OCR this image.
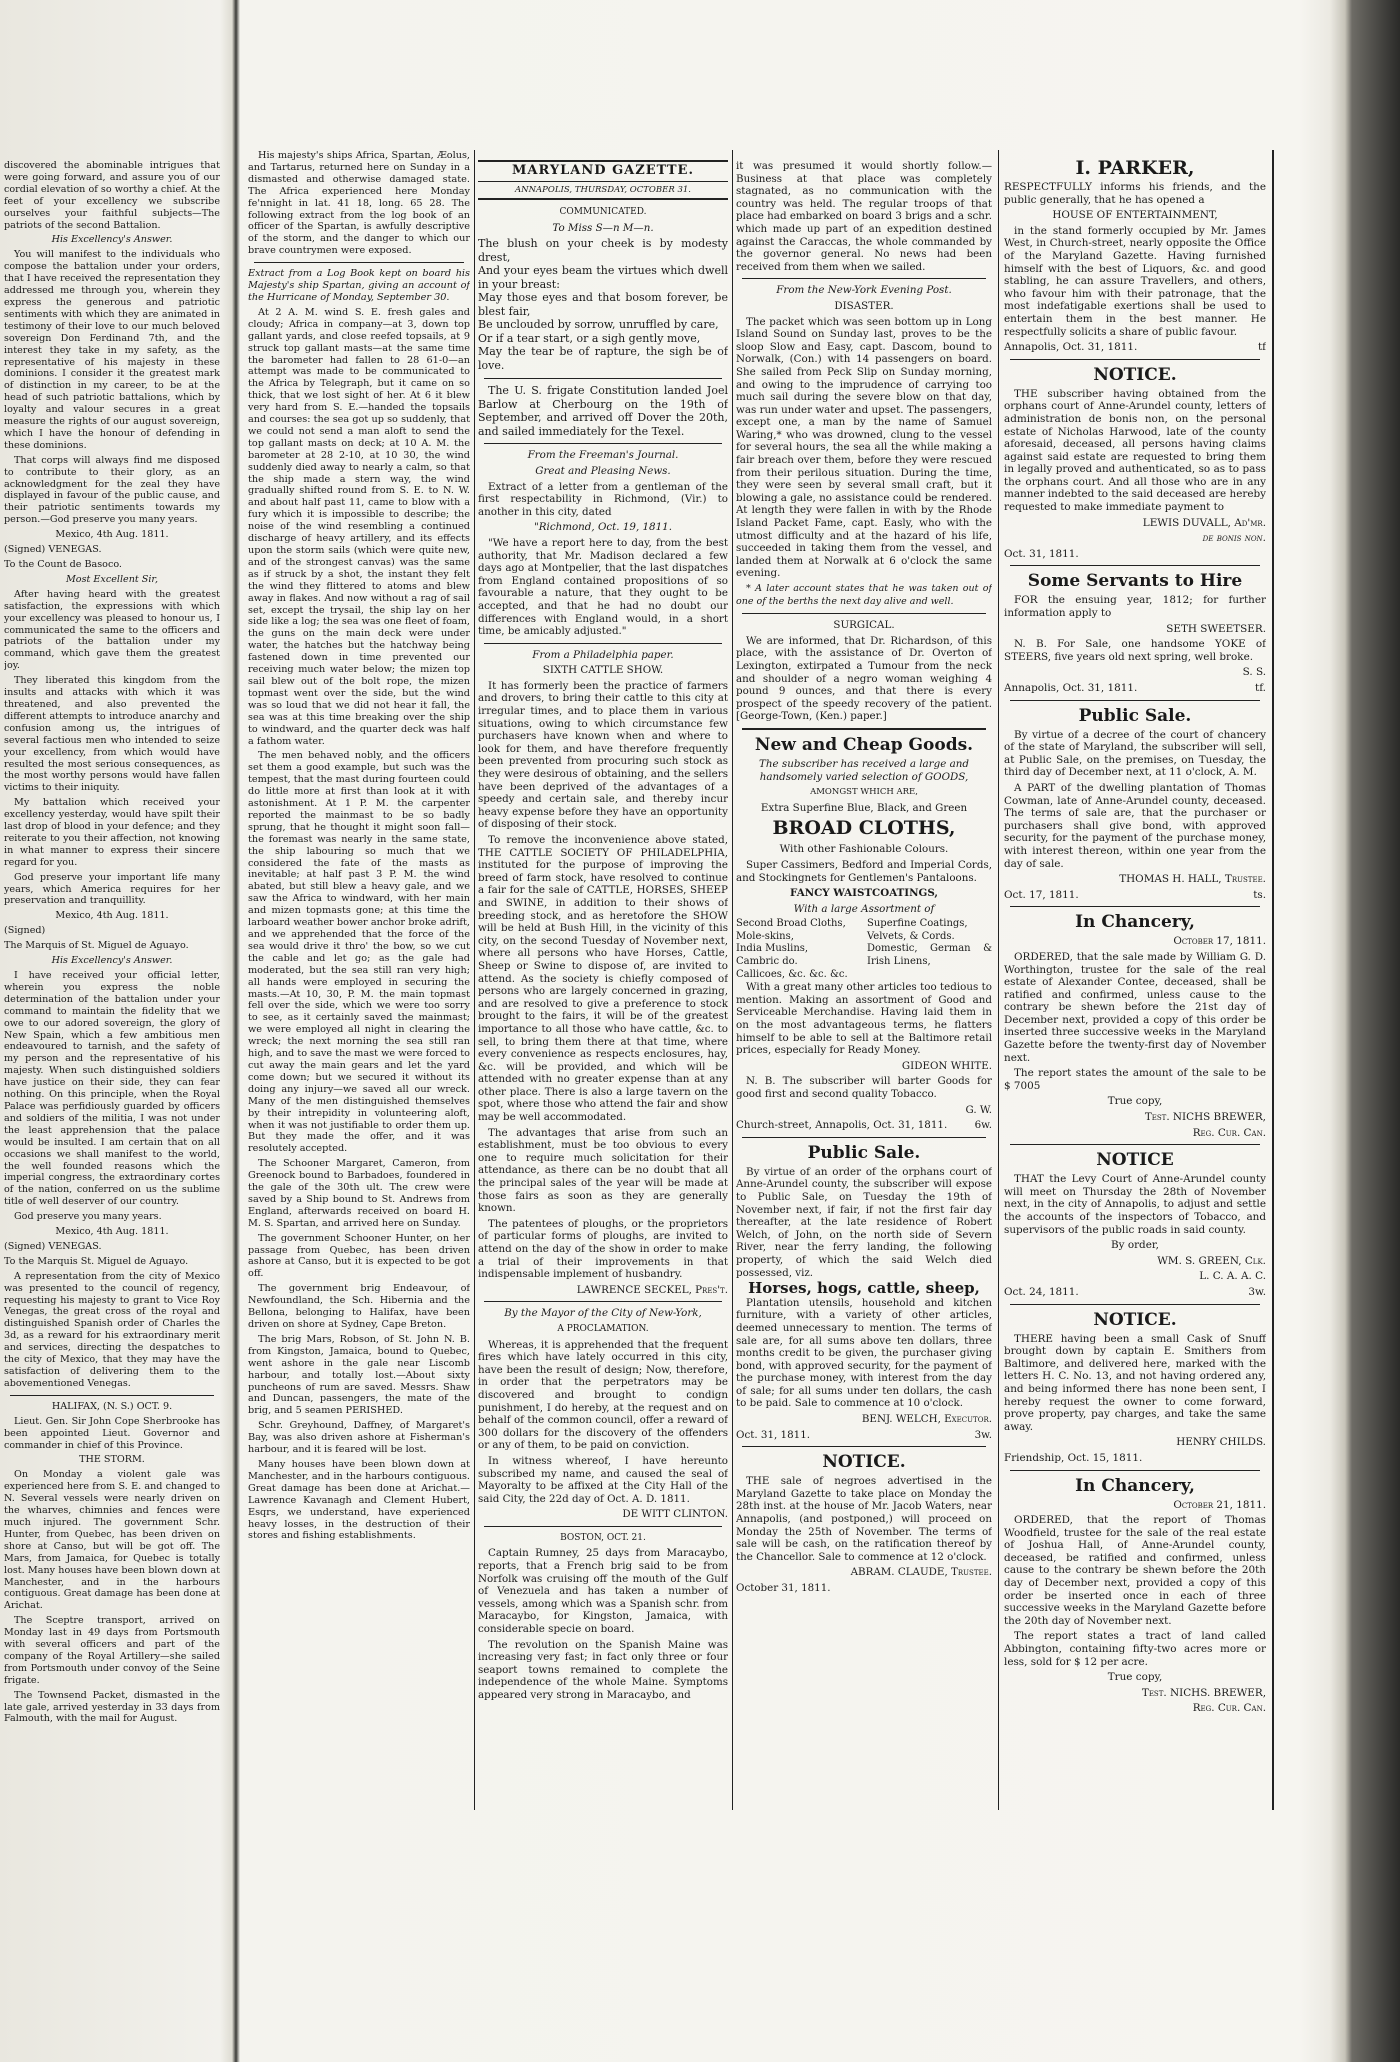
discovered the abominable intrigues that were going forward, and assure you of our cordial elevation of so worthy a chief. At the feet of your excellency we subscribe ourselves your faithful subjects—The patriots of the second Battalion.

His Excellency's Answer.

You will manifest to the individuals who compose the battalion under your orders, that I have received the representation they addressed me through you, wherein they express the generous and patriotic sentiments with which they are animated in testimony of their love to our much beloved sovereign Don Ferdinand 7th, and the interest they take in my safety, as the representative of his majesty in these dominions. I consider it the greatest mark of distinction in my career, to be at the head of such patriotic battalions, which by loyalty and valour secures in a great measure the rights of our august sovereign, which I have the honour of defending in these dominions.

That corps will always find me disposed to contribute to their glory, as an acknowledgment for the zeal they have displayed in favour of the public cause, and their patriotic sentiments towards my person.—God preserve you many years.

Mexico, 4th Aug. 1811.

(Signed) VENEGAS.

To the Count de Basoco.

Most Excellent Sir,

After having heard with the greatest satisfaction, the expressions with which your excellency was pleased to honour us, I communicated the same to the officers and patriots of the battalion under my command, which gave them the greatest joy.

They liberated this kingdom from the insults and attacks with which it was threatened, and also prevented the different attempts to introduce anarchy and confusion among us, the intrigues of several factious men who intended to seize your excellency, from which would have resulted the most serious consequences, as the most worthy persons would have fallen victims to their iniquity.

My battalion which received your excellency yesterday, would have spilt their last drop of blood in your defence; and they reiterate to you their affection, not knowing in what manner to express their sincere regard for you.

God preserve your important life many years, which America requires for her preservation and tranquillity.

Mexico, 4th Aug. 1811.

(Signed)

The Marquis of St. Miguel de Aguayo.

His Excellency's Answer.

I have received your official letter, wherein you express the noble determination of the battalion under your command to maintain the fidelity that we owe to our adored sovereign, the glory of New Spain, which a few ambitious men endeavoured to tarnish, and the safety of my person and the representative of his majesty. When such distinguished soldiers have justice on their side, they can fear nothing. On this principle, when the Royal Palace was perfidiously guarded by officers and soldiers of the militia, I was not under the least apprehension that the palace would be insulted. I am certain that on all occasions we shall manifest to the world, the well founded reasons which the imperial congress, the extraordinary cortes of the nation, conferred on us the sublime title of well deserver of our country.

God preserve you many years.

Mexico, 4th Aug. 1811.

(Signed) VENEGAS.

To the Marquis St. Miguel de Aguayo.

A representation from the city of Mexico was presented to the council of regency, requesting his majesty to grant to Vice Roy Venegas, the great cross of the royal and distinguished Spanish order of Charles the 3d, as a reward for his extraordinary merit and services, directing the despatches to the city of Mexico, that they may have the satisfaction of delivering them to the abovementioned Venegas.

HALIFAX, (N. S.) OCT. 9.

Lieut. Gen. Sir John Cope Sherbrooke has been appointed Lieut. Governor and commander in chief of this Province.

THE STORM.

On Monday a violent gale was experienced here from S. E. and changed to N. Several vessels were nearly driven on the wharves, chimnies and fences were much injured. The government Schr. Hunter, from Quebec, has been driven on shore at Canso, but will be got off. The Mars, from Jamaica, for Quebec is totally lost. Many houses have been blown down at Manchester, and in the harbours contiguous. Great damage has been done at Arichat.

The Sceptre transport, arrived on Monday last in 49 days from Portsmouth with several officers and part of the company of the Royal Artillery—she sailed from Portsmouth under convoy of the Seine frigate.

The Townsend Packet, dismasted in the late gale, arrived yesterday in 33 days from Falmouth, with the mail for August.

His majesty's ships Africa, Spartan, Æolus, and Tartarus, returned here on Sunday in a dismasted and otherwise damaged state. The Africa experienced here Monday fe'nnight in lat. 41 18, long. 65 28. The following extract from the log book of an officer of the Spartan, is awfully descriptive of the storm, and the danger to which our brave countrymen were exposed.

Extract from a Log Book kept on board his Majesty's ship Spartan, giving an account of the Hurricane of Monday, September 30.

At 2 A. M. wind S. E. fresh gales and cloudy; Africa in company—at 3, down top gallant yards, and close reefed topsails, at 9 struck top gallant masts—at the same time the barometer had fallen to 28 61-0—an attempt was made to be communicated to the Africa by Telegraph, but it came on so thick, that we lost sight of her. At 6 it blew very hard from S. E.—handed the topsails and courses: the sea got up so suddenly, that we could not send a man aloft to send the top gallant masts on deck; at 10 A. M. the barometer at 28 2-10, at 10 30, the wind suddenly died away to nearly a calm, so that the ship made a stern way, the wind gradually shifted round from S. E. to N. W. and about half past 11, came to blow with a fury which it is impossible to describe; the noise of the wind resembling a continued discharge of heavy artillery, and its effects upon the storm sails (which were quite new, and of the strongest canvas) was the same as if struck by a shot, the instant they felt the wind they flittered to atoms and blew away in flakes. And now without a rag of sail set, except the trysail, the ship lay on her side like a log; the sea was one fleet of foam, the guns on the main deck were under water, the hatches but the hatchway being fastened down in time prevented our receiving much water below; the mizen top sail blew out of the bolt rope, the mizen topmast went over the side, but the wind was so loud that we did not hear it fall, the sea was at this time breaking over the ship to windward, and the quarter deck was half a fathom water.

The men behaved nobly, and the officers set them a good example, but such was the tempest, that the mast during fourteen could do little more at first than look at it with astonishment. At 1 P. M. the carpenter reported the mainmast to be so badly sprung, that he thought it might soon fall—the foremast was nearly in the same state, the ship labouring so much that we considered the fate of the masts as inevitable; at half past 3 P. M. the wind abated, but still blew a heavy gale, and we saw the Africa to windward, with her main and mizen topmasts gone; at this time the larboard weather bower anchor broke adrift, and we apprehended that the force of the sea would drive it thro' the bow, so we cut the cable and let go; as the gale had moderated, but the sea still ran very high; all hands were employed in securing the masts.—At 10, 30, P. M. the main topmast fell over the side, which we were too sorry to see, as it certainly saved the mainmast; we were employed all night in clearing the wreck; the next morning the sea still ran high, and to save the mast we were forced to cut away the main gears and let the yard come down; but we secured it without its doing any injury—we saved all our wreck. Many of the men distinguished themselves by their intrepidity in volunteering aloft, when it was not justifiable to order them up. But they made the offer, and it was resolutely accepted.

The Schooner Margaret, Cameron, from Greenock bound to Barbadoes, foundered in the gale of the 30th ult. The crew were saved by a Ship bound to St. Andrews from England, afterwards received on board H. M. S. Spartan, and arrived here on Sunday.

The government Schooner Hunter, on her passage from Quebec, has been driven ashore at Canso, but it is expected to be got off.

The government brig Endeavour, of Newfoundland, the Sch. Hibernia and the Bellona, belonging to Halifax, have been driven on shore at Sydney, Cape Breton.

The brig Mars, Robson, of St. John N. B. from Kingston, Jamaica, bound to Quebec, went ashore in the gale near Liscomb harbour, and totally lost.—About sixty puncheons of rum are saved. Messrs. Shaw and Duncan, passengers, the mate of the brig, and 5 seamen PERISHED.

Schr. Greyhound, Daffney, of Margaret's Bay, was also driven ashore at Fisherman's harbour, and it is feared will be lost.

Many houses have been blown down at Manchester, and in the harbours contiguous. Great damage has been done at Arichat.—Lawrence Kavanagh and Clement Hubert, Esqrs, we understand, have experienced heavy losses, in the destruction of their stores and fishing establishments.

MARYLAND GAZETTE.
ANNAPOLIS, THURSDAY, OCTOBER 31.

COMMUNICATED.

To Miss S—n M—n.

The blush on your cheek is by modesty drest,
And your eyes beam the virtues which dwell in your breast:
May those eyes and that bosom forever, be blest fair,
Be unclouded by sorrow, unruffled by care,
Or if a tear start, or a sigh gently move,
May the tear be of rapture, the sigh be of love.

The U. S. frigate Constitution landed Joel Barlow at Cherbourg on the 19th of September, and arrived off Dover the 20th, and sailed immediately for the Texel.

From the Freeman's Journal.

Great and Pleasing News.

Extract of a letter from a gentleman of the first respectability in Richmond, (Vir.) to another in this city, dated

"Richmond, Oct. 19, 1811.

"We have a report here to day, from the best authority, that Mr. Madison declared a few days ago at Montpelier, that the last dispatches from England contained propositions of so favourable a nature, that they ought to be accepted, and that he had no doubt our differences with England would, in a short time, be amicably adjusted."

From a Philadelphia paper.

SIXTH CATTLE SHOW.

It has formerly been the practice of farmers and drovers, to bring their cattle to this city at irregular times, and to place them in various situations, owing to which circumstance few purchasers have known when and where to look for them, and have therefore frequently been prevented from procuring such stock as they were desirous of obtaining, and the sellers have been deprived of the advantages of a speedy and certain sale, and thereby incur heavy expense before they have an opportunity of disposing of their stock.

To remove the inconvenience above stated, THE CATTLE SOCIETY OF PHILADELPHIA, instituted for the purpose of improving the breed of farm stock, have resolved to continue a fair for the sale of CATTLE, HORSES, SHEEP and SWINE, in addition to their shows of breeding stock, and as heretofore the SHOW will be held at Bush Hill, in the vicinity of this city, on the second Tuesday of November next, where all persons who have Horses, Cattle, Sheep or Swine to dispose of, are invited to attend. As the society is chiefly composed of persons who are largely concerned in grazing, and are resolved to give a preference to stock brought to the fairs, it will be of the greatest importance to all those who have cattle, &c. to sell, to bring them there at that time, where every convenience as respects enclosures, hay, &c. will be provided, and which will be attended with no greater expense than at any other place. There is also a large tavern on the spot, where those who attend the fair and show may be well accommodated.

The advantages that arise from such an establishment, must be too obvious to every one to require much solicitation for their attendance, as there can be no doubt that all the principal sales of the year will be made at those fairs as soon as they are generally known.

The patentees of ploughs, or the proprietors of particular forms of ploughs, are invited to attend on the day of the show in order to make a trial of their improvements in that indispensable implement of husbandry.

LAWRENCE SECKEL, Pres't.

By the Mayor of the City of New-York,

A PROCLAMATION.

Whereas, it is apprehended that the frequent fires which have lately occurred in this city, have been the result of design; Now, therefore, in order that the perpetrators may be discovered and brought to condign punishment, I do hereby, at the request and on behalf of the common council, offer a reward of 300 dollars for the discovery of the offenders or any of them, to be paid on conviction.

In witness whereof, I have hereunto subscribed my name, and caused the seal of Mayoralty to be affixed at the City Hall of the said City, the 22d day of Oct. A. D. 1811.

DE WITT CLINTON.

BOSTON, OCT. 21.

Captain Rumney, 25 days from Maracaybo, reports, that a French brig said to be from Norfolk was cruising off the mouth of the Gulf of Venezuela and has taken a number of vessels, among which was a Spanish schr. from Maracaybo, for Kingston, Jamaica, with considerable specie on board.

The revolution on the Spanish Maine was increasing very fast; in fact only three or four seaport towns remained to complete the independence of the whole Maine. Symptoms appeared very strong in Maracaybo, and

it was presumed it would shortly follow.—Business at that place was completely stagnated, as no communication with the country was held. The regular troops of that place had embarked on board 3 brigs and a schr. which made up part of an expedition destined against the Caraccas, the whole commanded by the governor general. No news had been received from them when we sailed.

From the New-York Evening Post.

DISASTER.

The packet which was seen bottom up in Long Island Sound on Sunday last, proves to be the sloop Slow and Easy, capt. Dascom, bound to Norwalk, (Con.) with 14 passengers on board. She sailed from Peck Slip on Sunday morning, and owing to the imprudence of carrying too much sail during the severe blow on that day, was run under water and upset. The passengers, except one, a man by the name of Samuel Waring,* who was drowned, clung to the vessel for several hours, the sea all the while making a fair breach over them, before they were rescued from their perilous situation. During the time, they were seen by several small craft, but it blowing a gale, no assistance could be rendered. At length they were fallen in with by the Rhode Island Packet Fame, capt. Easly, who with the utmost difficulty and at the hazard of his life, succeeded in taking them from the vessel, and landed them at Norwalk at 6 o'clock the same evening.

* A later account states that he was taken out of one of the berths the next day alive and well.

SURGICAL.

We are informed, that Dr. Richardson, of this place, with the assistance of Dr. Overton of Lexington, extirpated a Tumour from the neck and shoulder of a negro woman weighing 4 pound 9 ounces, and that there is every prospect of the speedy recovery of the patient. [George-Town, (Ken.) paper.]

New and Cheap Goods.

The subscriber has received a large and handsomely varied selection of GOODS,

AMONGST WHICH ARE,

Extra Superfine Blue, Black, and Green

BROAD CLOTHS,

With other Fashionable Colours.

Super Cassimers, Bedford and Imperial Cords, and Stockingnets for Gentlemen's Pantaloons.

FANCY WAISTCOATINGS,

With a large Assortment of

Second Broad Cloths,
Mole-skins,
India Muslins,
Cambric do.
Callicoes, &c. &c. &c.
Superfine Coatings,
Velvets, & Cords.
Domestic, German & Irish Linens,

With a great many other articles too tedious to mention. Making an assortment of Good and Serviceable Merchandise. Having laid them in on the most advantageous terms, he flatters himself to be able to sell at the Baltimore retail prices, especially for Ready Money.

GIDEON WHITE.

N. B. The subscriber will barter Goods for good first and second quality Tobacco.

G. W.

Church-street, Annapolis, Oct. 31, 1811.	6w.

Public Sale.

By virtue of an order of the orphans court of Anne-Arundel county, the subscriber will expose to Public Sale, on Tuesday the 19th of November next, if fair, if not the first fair day thereafter, at the late residence of Robert Welch, of John, on the north side of Severn River, near the ferry landing, the following property, of which the said Welch died possessed, viz.

Horses, hogs, cattle, sheep,

Plantation utensils, household and kitchen furniture, with a variety of other articles, deemed unnecessary to mention. The terms of sale are, for all sums above ten dollars, three months credit to be given, the purchaser giving bond, with approved security, for the payment of the purchase money, with interest from the day of sale; for all sums under ten dollars, the cash to be paid. Sale to commence at 10 o'clock.

BENJ. WELCH, Executor.

Oct. 31, 1811.	3w.

NOTICE.

THE sale of negroes advertised in the Maryland Gazette to take place on Monday the 28th inst. at the house of Mr. Jacob Waters, near Annapolis, (and postponed,) will proceed on Monday the 25th of November. The terms of sale will be cash, on the ratification thereof by the Chancellor. Sale to commence at 12 o'clock.

ABRAM. CLAUDE, Trustee.

October 31, 1811.

I. PARKER,

RESPECTFULLY informs his friends, and the public generally, that he has opened a

HOUSE OF ENTERTAINMENT,

in the stand formerly occupied by Mr. James West, in Church-street, nearly opposite the Office of the Maryland Gazette. Having furnished himself with the best of Liquors, &c. and good stabling, he can assure Travellers, and others, who favour him with their patronage, that the most indefatigable exertions shall be used to entertain them in the best manner. He respectfully solicits a share of public favour.

Annapolis, Oct. 31, 1811.	tf

NOTICE.

THE subscriber having obtained from the orphans court of Anne-Arundel county, letters of administration de bonis non, on the personal estate of Nicholas Harwood, late of the county aforesaid, deceased, all persons having claims against said estate are requested to bring them in legally proved and authenticated, so as to pass the orphans court. And all those who are in any manner indebted to the said deceased are hereby requested to make immediate payment to

LEWIS DUVALL, Ad'mr.

de bonis non.

Oct. 31, 1811.

Some Servants to Hire

FOR the ensuing year, 1812; for further information apply to

SETH SWEETSER.

N. B. For Sale, one handsome YOKE of STEERS, five years old next spring, well broke.

S. S.

Annapolis, Oct. 31, 1811.	tf.

Public Sale.

By virtue of a decree of the court of chancery of the state of Maryland, the subscriber will sell, at Public Sale, on the premises, on Tuesday, the third day of December next, at 11 o'clock, A. M.

A PART of the dwelling plantation of Thomas Cowman, late of Anne-Arundel county, deceased. The terms of sale are, that the purchaser or purchasers shall give bond, with approved security, for the payment of the purchase money, with interest thereon, within one year from the day of sale.

THOMAS H. HALL, Trustee.

Oct. 17, 1811.	ts.

In Chancery,

October 17, 1811.

ORDERED, that the sale made by William G. D. Worthington, trustee for the sale of the real estate of Alexander Contee, deceased, shall be ratified and confirmed, unless cause to the contrary be shewn before the 21st day of December next, provided a copy of this order be inserted three successive weeks in the Maryland Gazette before the twenty-first day of November next.

The report states the amount of the sale to be $ 7005

True copy,

Test. NICHS BREWER,

Reg. Cur. Can.

NOTICE

THAT the Levy Court of Anne-Arundel county will meet on Thursday the 28th of November next, in the city of Annapolis, to adjust and settle the accounts of the inspectors of Tobacco, and supervisors of the public roads in said county.

By order,

WM. S. GREEN, Clk.

L. C. A. A. C.

Oct. 24, 1811.	3w.

NOTICE.

THERE having been a small Cask of Snuff brought down by captain E. Smithers from Baltimore, and delivered here, marked with the letters H. C. No. 13, and not having ordered any, and being informed there has none been sent, I hereby request the owner to come forward, prove property, pay charges, and take the same away.

HENRY CHILDS.

Friendship, Oct. 15, 1811.

In Chancery,

October 21, 1811.

ORDERED, that the report of Thomas Woodfield, trustee for the sale of the real estate of Joshua Hall, of Anne-Arundel county, deceased, be ratified and confirmed, unless cause to the contrary be shewn before the 20th day of December next, provided a copy of this order be inserted once in each of three successive weeks in the Maryland Gazette before the 20th day of November next.

The report states a tract of land called Abbington, containing fifty-two acres more or less, sold for $ 12 per acre.

True copy,

Test. NICHS. BREWER,

Reg. Cur. Can.
